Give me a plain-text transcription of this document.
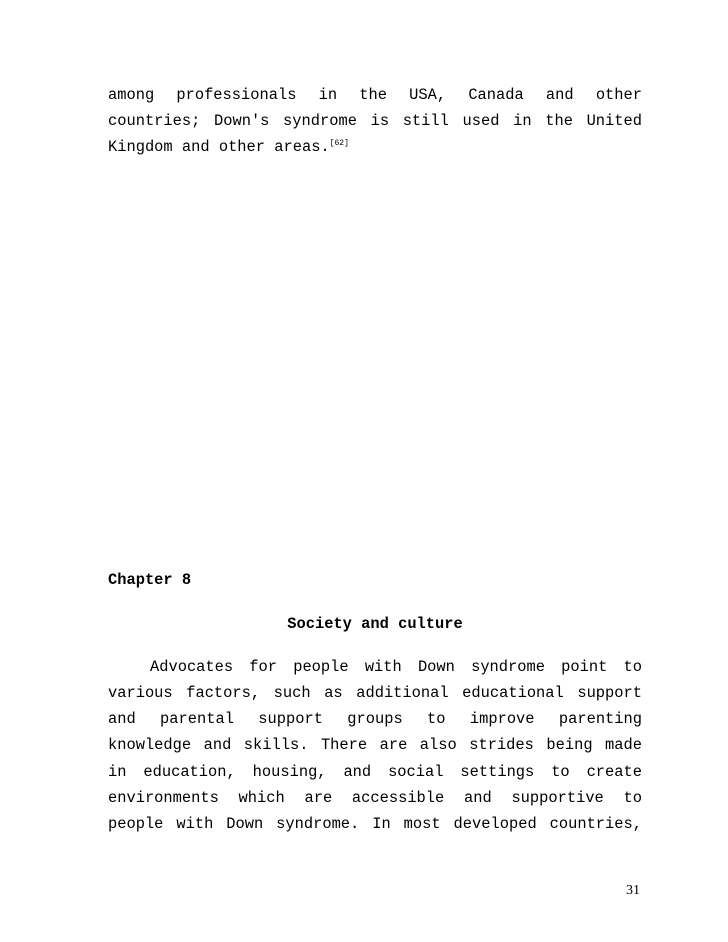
among professionals in the USA, Canada and other
countries; Down's syndrome is still used in the United
Kingdom and other areas.[62]
Chapter 8
Society and culture
Advocates for people with Down syndrome point to
various factors, such as additional educational support
and parental support groups to improve parenting
knowledge and skills. There are also strides being made
in education, housing, and social settings to create
environments which are accessible and supportive to
people with Down syndrome. In most developed countries,
31
